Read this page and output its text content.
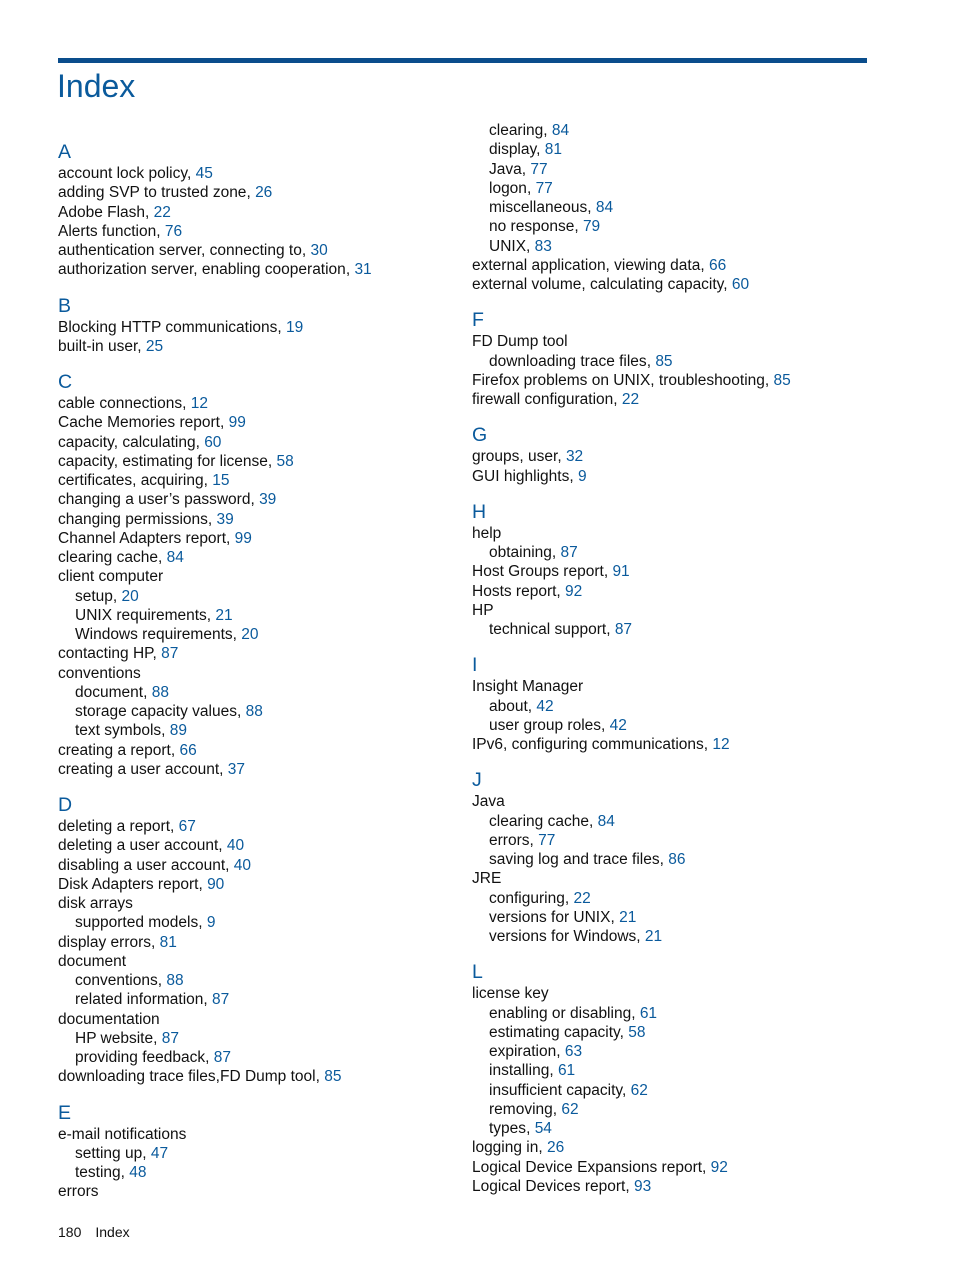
Index
A
account lock policy, 45
adding SVP to trusted zone, 26
Adobe Flash, 22
Alerts function, 76
authentication server, connecting to, 30
authorization server, enabling cooperation, 31
B
Blocking HTTP communications, 19
built-in user, 25
C
cable connections, 12
Cache Memories report, 99
capacity, calculating, 60
capacity, estimating for license, 58
certificates, acquiring, 15
changing a user’s password, 39
changing permissions, 39
Channel Adapters report, 99
clearing cache, 84
client computer
setup, 20
UNIX requirements, 21
Windows requirements, 20
contacting HP, 87
conventions
document, 88
storage capacity values, 88
text symbols, 89
creating a report, 66
creating a user account, 37
D
deleting a report, 67
deleting a user account, 40
disabling a user account, 40
Disk Adapters report, 90
disk arrays
supported models, 9
display errors, 81
document
conventions, 88
related information, 87
documentation
HP website, 87
providing feedback, 87
downloading trace files,FD Dump tool, 85
E
e-mail notifications
setting up, 47
testing, 48
errors
clearing, 84
display, 81
Java, 77
logon, 77
miscellaneous, 84
no response, 79
UNIX, 83
external application, viewing data, 66
external volume, calculating capacity, 60
F
FD Dump tool
downloading trace files, 85
Firefox problems on UNIX, troubleshooting, 85
firewall configuration, 22
G
groups, user, 32
GUI highlights, 9
H
help
obtaining, 87
Host Groups report, 91
Hosts report, 92
HP
technical support, 87
I
Insight Manager
about, 42
user group roles, 42
IPv6, configuring communications, 12
J
Java
clearing cache, 84
errors, 77
saving log and trace files, 86
JRE
configuring, 22
versions for UNIX, 21
versions for Windows, 21
L
license key
enabling or disabling, 61
estimating capacity, 58
expiration, 63
installing, 61
insufficient capacity, 62
removing, 62
types, 54
logging in, 26
Logical Device Expansions report, 92
Logical Devices report, 93
180 Index
